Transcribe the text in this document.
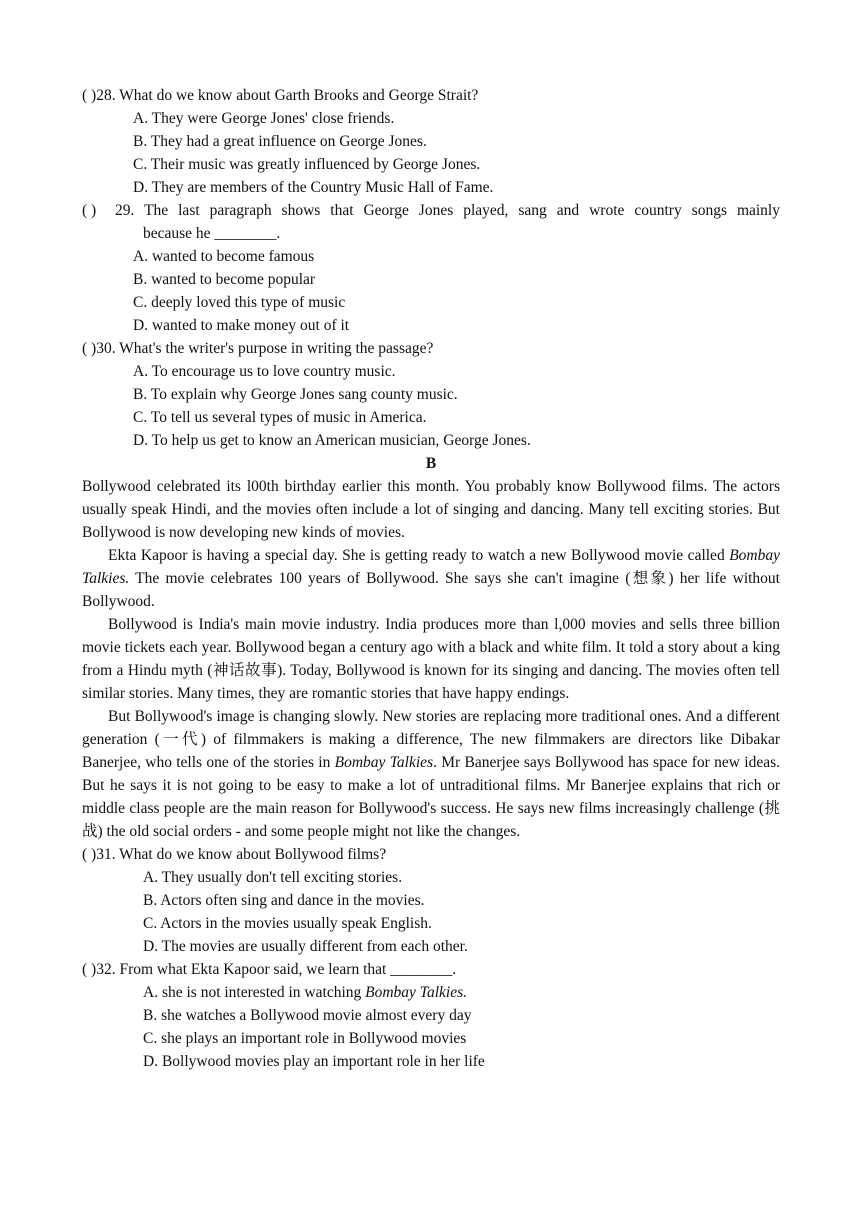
( )28. What do we know about Garth Brooks and George Strait?
A. They were George Jones' close friends.
B. They had a great influence on George Jones.
C. Their music was greatly influenced by George Jones.
D. They are members of the Country Music Hall of Fame.
( )	29. The last paragraph shows that George Jones played, sang and wrote country songs mainly
because he ________.
A. wanted to become famous
B. wanted to become popular
C. deeply loved this type of music
D. wanted to make money out of it
( )30. What's the writer's purpose in writing the passage?
A. To encourage us to love country music.
B. To explain why George Jones sang county music.
C. To tell us several types of music in America.
D. To help us get to know an American musician, George Jones.
B
Bollywood celebrated its l00th birthday earlier this month. You probably know Bollywood films. The actors usually speak Hindi, and the movies often include a lot of singing and dancing. Many tell exciting stories. But Bollywood is now developing new kinds of movies.
Ekta Kapoor is having a special day. She is getting ready to watch a new Bollywood movie called Bombay Talkies. The movie celebrates 100 years of Bollywood. She says she can't imagine (想象) her life without Bollywood.
Bollywood is India's main movie industry. India produces more than l,000 movies and sells three billion movie tickets each year. Bollywood began a century ago with a black and white film. It told a story about a king from a Hindu myth (神话故事). Today, Bollywood is known for its singing and dancing. The movies often tell similar stories. Many times, they are romantic stories that have happy endings.
But Bollywood's image is changing slowly. New stories are replacing more traditional ones. And a different generation (一代) of filmmakers is making a difference, The new filmmakers are directors like Dibakar Banerjee, who tells one of the stories in Bombay Talkies. Mr Banerjee says Bollywood has space for new ideas. But he says it is not going to be easy to make a lot of untraditional films. Mr Banerjee explains that rich or middle class people are the main reason for Bollywood's success. He says new films increasingly challenge (挑战) the old social orders - and some people might not like the changes.
( )31. What do we know about Bollywood films?
A. They usually don't tell exciting stories.
B. Actors often sing and dance in the movies.
C. Actors in the movies usually speak English.
D. The movies are usually different from each other.
( )32. From what Ekta Kapoor said, we learn that ________.
A. she is not interested in watching Bombay Talkies.
B. she watches a Bollywood movie almost every day
C. she plays an important role in Bollywood movies
D. Bollywood movies play an important role in her life
